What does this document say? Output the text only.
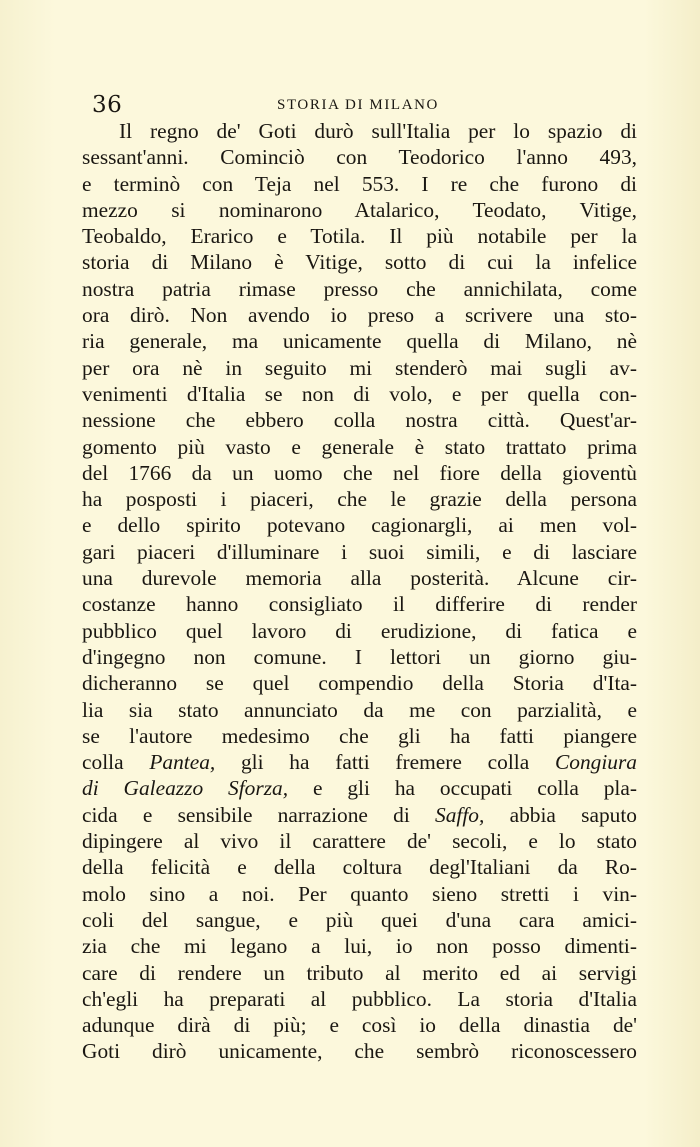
36	STORIA DI MILANO
Il regno de' Goti durò sull'Italia per lo spazio di
sessant'anni. Cominciò con Teodorico l'anno 493,
e terminò con Teja nel 553. I re che furono di
mezzo si nominarono Atalarico, Teodato, Vitige,
Teobaldo, Erarico e Totila. Il più notabile per la
storia di Milano è Vitige, sotto di cui la infelice
nostra patria rimase presso che annichilata, come
ora dirò. Non avendo io preso a scrivere una sto-
ria generale, ma unicamente quella di Milano, nè
per ora nè in seguito mi stenderò mai sugli av-
venimenti d'Italia se non di volo, e per quella con-
nessione che ebbero colla nostra città. Quest'ar-
gomento più vasto e generale è stato trattato prima
del 1766 da un uomo che nel fiore della gioventù
ha posposti i piaceri, che le grazie della persona
e dello spirito potevano cagionargli, ai men vol-
gari piaceri d'illuminare i suoi simili, e di lasciare
una durevole memoria alla posterità. Alcune cir-
costanze hanno consigliato il differire di render
pubblico quel lavoro di erudizione, di fatica e
d'ingegno non comune. I lettori un giorno giu-
dicheranno se quel compendio della Storia d'Ita-
lia sia stato annunciato da me con parzialità, e
se l'autore medesimo che gli ha fatti piangere
colla Pantea, gli ha fatti fremere colla Congiura
di Galeazzo Sforza, e gli ha occupati colla pla-
cida e sensibile narrazione di Saffo, abbia saputo
dipingere al vivo il carattere de' secoli, e lo stato
della felicità e della coltura degl'Italiani da Ro-
molo sino a noi. Per quanto sieno stretti i vin-
coli del sangue, e più quei d'una cara amici-
zia che mi legano a lui, io non posso dimenti-
care di rendere un tributo al merito ed ai servigi
ch'egli ha preparati al pubblico. La storia d'Italia
adunque dirà di più; e così io della dinastia de'
Goti dirò unicamente, che sembrò riconoscessero
